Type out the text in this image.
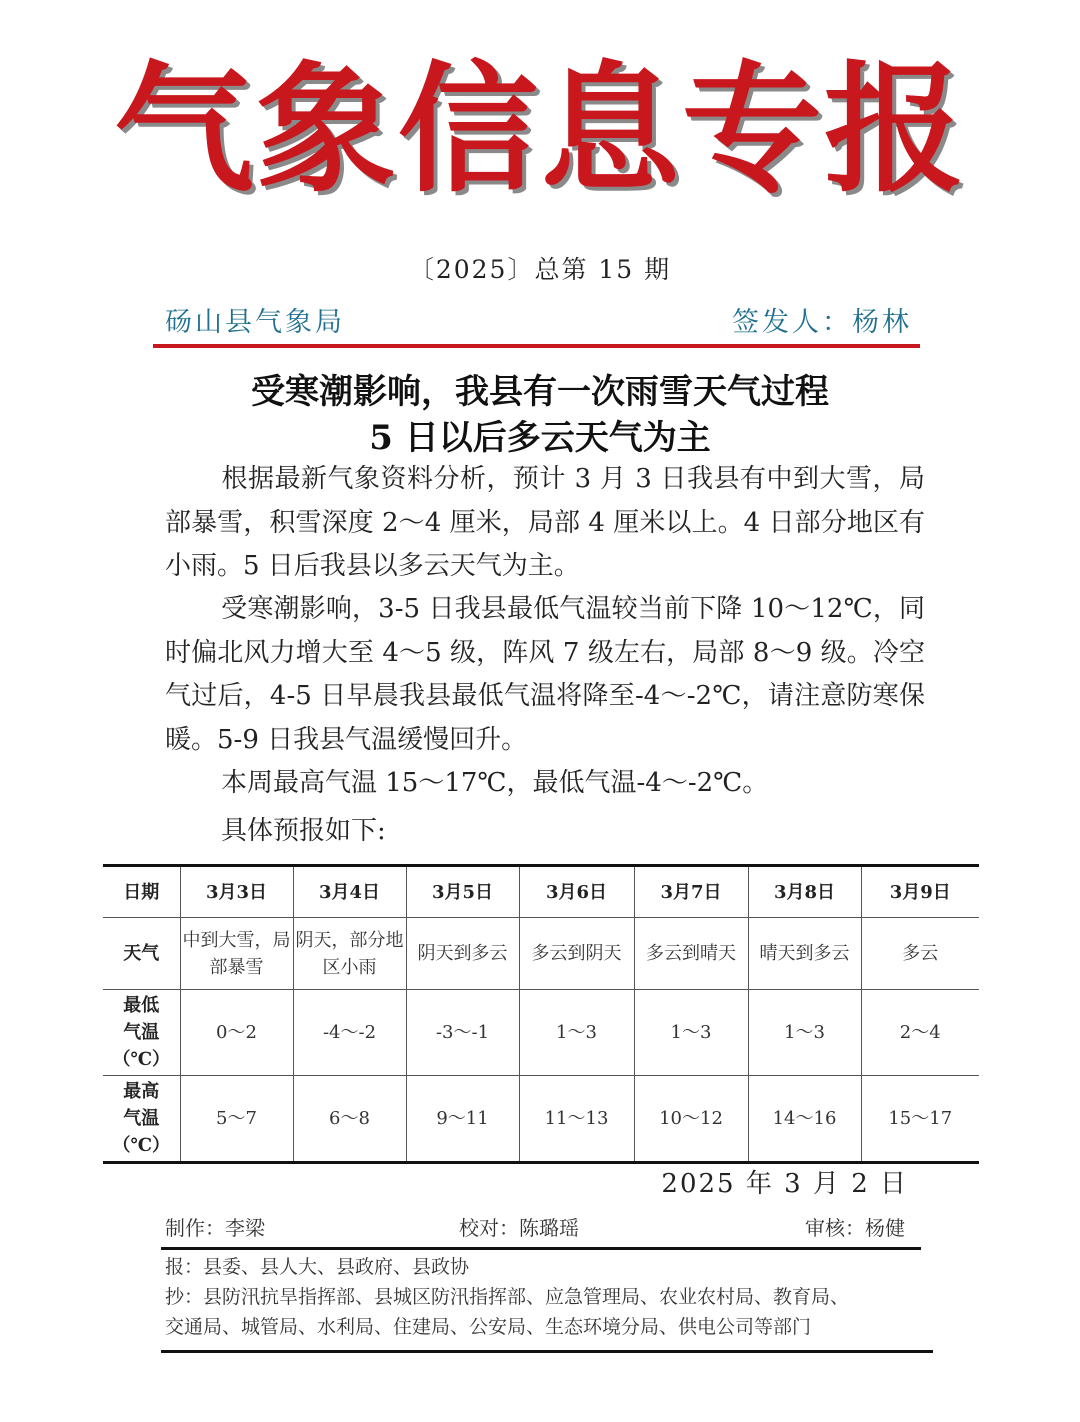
气象信息专报
〔2025〕总第 15 期
砀山县气象局	签发人：杨林
受寒潮影响，我县有一次雨雪天气过程
5 日以后多云天气为主

根据最新气象资料分析，预计 3 月 3 日我县有中到大雪，局部暴雪，积雪深度 2～4 厘米，局部 4 厘米以上。4 日部分地区有小雨。5 日后我县以多云天气为主。

受寒潮影响，3-5 日我县最低气温较当前下降 10～12℃，同时偏北风力增大至 4～5 级，阵风 7 级左右，局部 8～9 级。冷空气过后，4-5 日早晨我县最低气温将降至-4～-2℃，请注意防寒保暖。5-9 日我县气温缓慢回升。

本周最高气温 15～17℃，最低气温-4～-2℃。

具体预报如下:

日期	3月3日	3月4日	3月5日	3月6日	3月7日	3月8日	3月9日
天气	中到大雪，局部暴雪	阴天，部分地区小雨	阴天到多云	多云到阴天	多云到晴天	晴天到多云	多云

最低
气温
（℃）	0～2	-4～-2	-3～-1	1～3	1～3	1～3	2～4

最高
气温
（℃）	5～7	6～8	9～11	11～13	10～12	14～16	15～17
2025 年 3 月 2 日
制作：李梁	校对：陈璐瑶	审核：杨健
报：县委、县人大、县政府、县政协
抄：县防汛抗旱指挥部、县城区防汛指挥部、应急管理局、农业农村局、教育局、
交通局、城管局、水利局、住建局、公安局、生态环境分局、供电公司等部门
